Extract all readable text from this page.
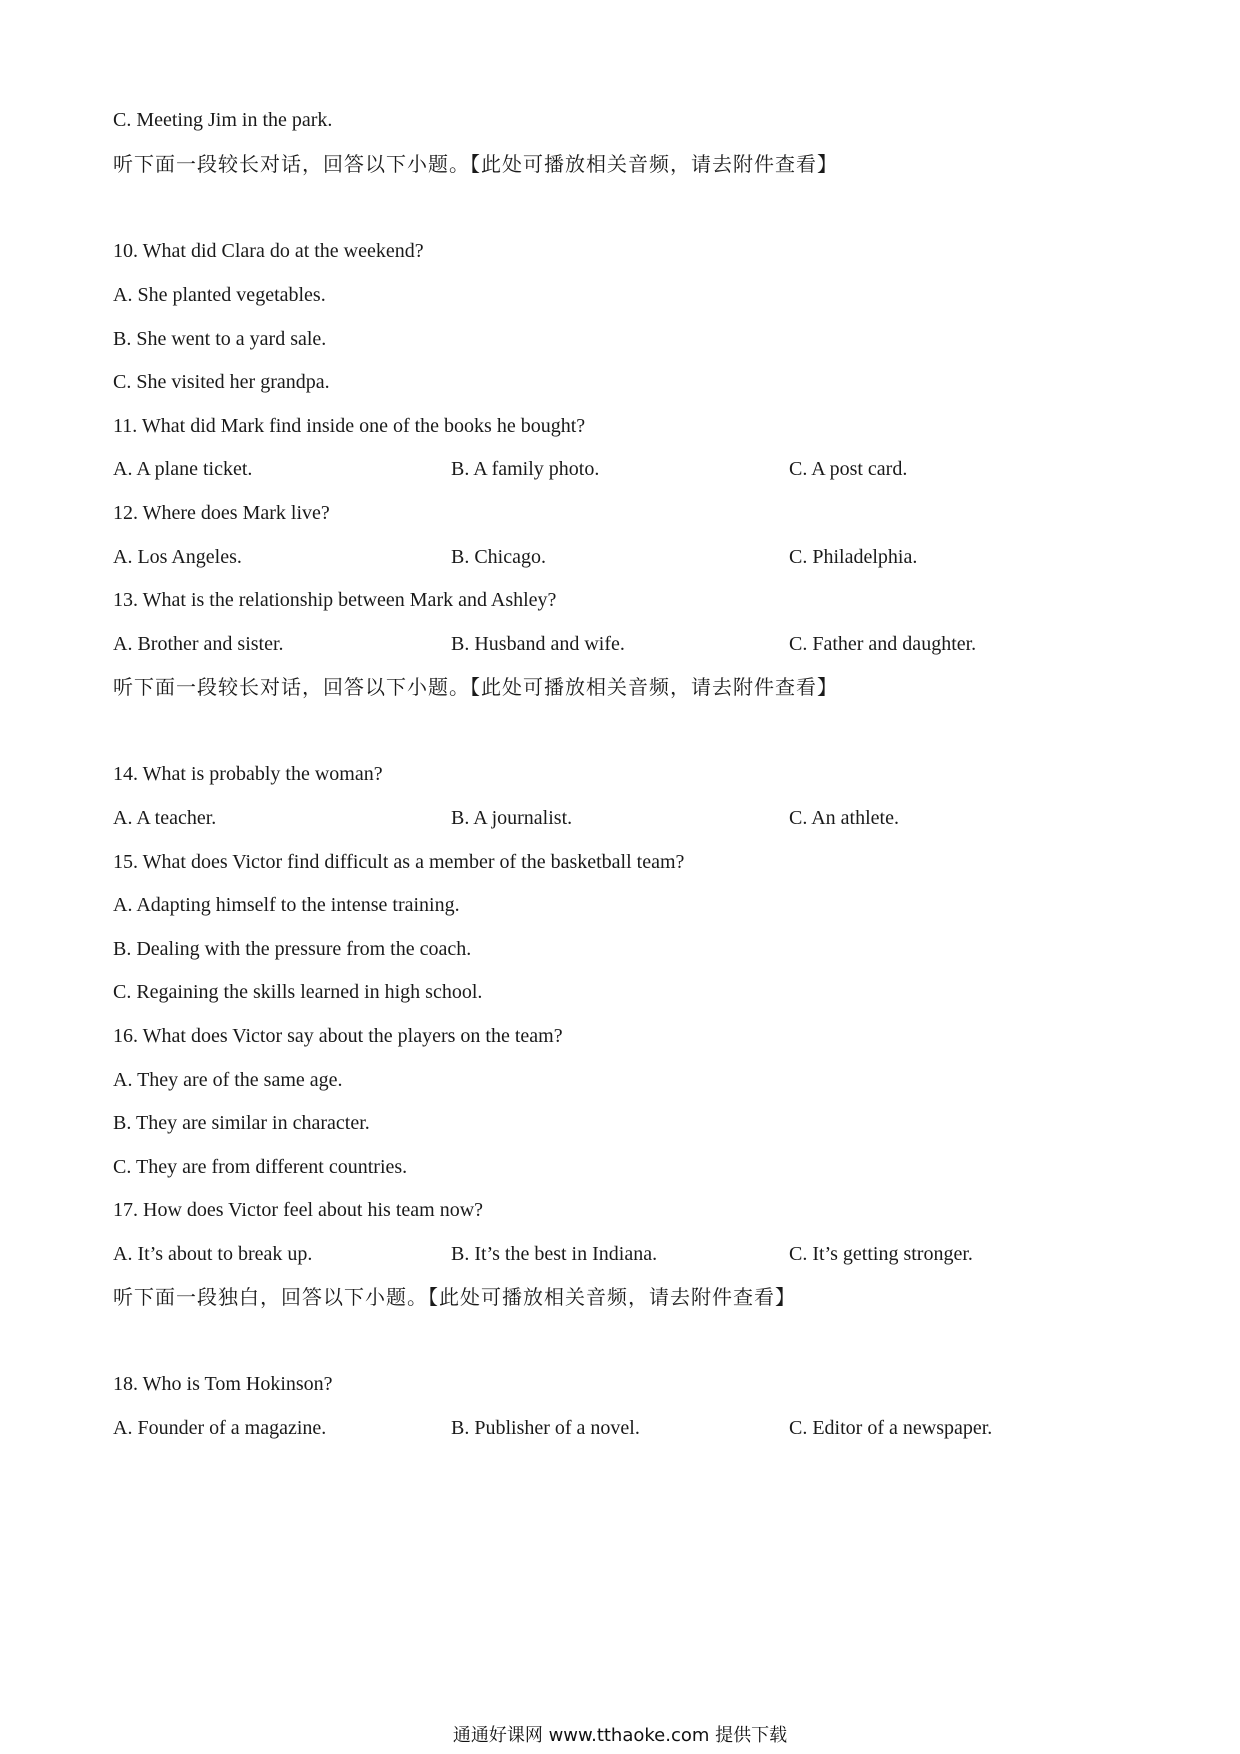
C. Meeting Jim in the park.
听下面一段较长对话，回答以下小题。【此处可播放相关音频，请去附件查看】
10. What did Clara do at the weekend?
A. She planted vegetables.
B. She went to a yard sale.
C. She visited her grandpa.
11. What did Mark find inside one of the books he bought?
A. A plane ticket.	B. A family photo.	C. A post card.
12. Where does Mark live?
A. Los Angeles.	B. Chicago.	C. Philadelphia.
13. What is the relationship between Mark and Ashley?
A. Brother and sister.	B. Husband and wife.	C. Father and daughter.
听下面一段较长对话，回答以下小题。【此处可播放相关音频，请去附件查看】
14. What is probably the woman?
A. A teacher.	B. A journalist.	C. An athlete.
15. What does Victor find difficult as a member of the basketball team?
A. Adapting himself to the intense training.
B. Dealing with the pressure from the coach.
C. Regaining the skills learned in high school.
16. What does Victor say about the players on the team?
A. They are of the same age.
B. They are similar in character.
C. They are from different countries.
17. How does Victor feel about his team now?
A. It’s about to break up.	B. It’s the best in Indiana.	C. It’s getting stronger.
听下面一段独白，回答以下小题。【此处可播放相关音频，请去附件查看】
18. Who is Tom Hokinson?
A. Founder of a magazine.	B. Publisher of a novel.	C. Editor of a newspaper.
通通好课网 www.tthaoke.com 提供下载
